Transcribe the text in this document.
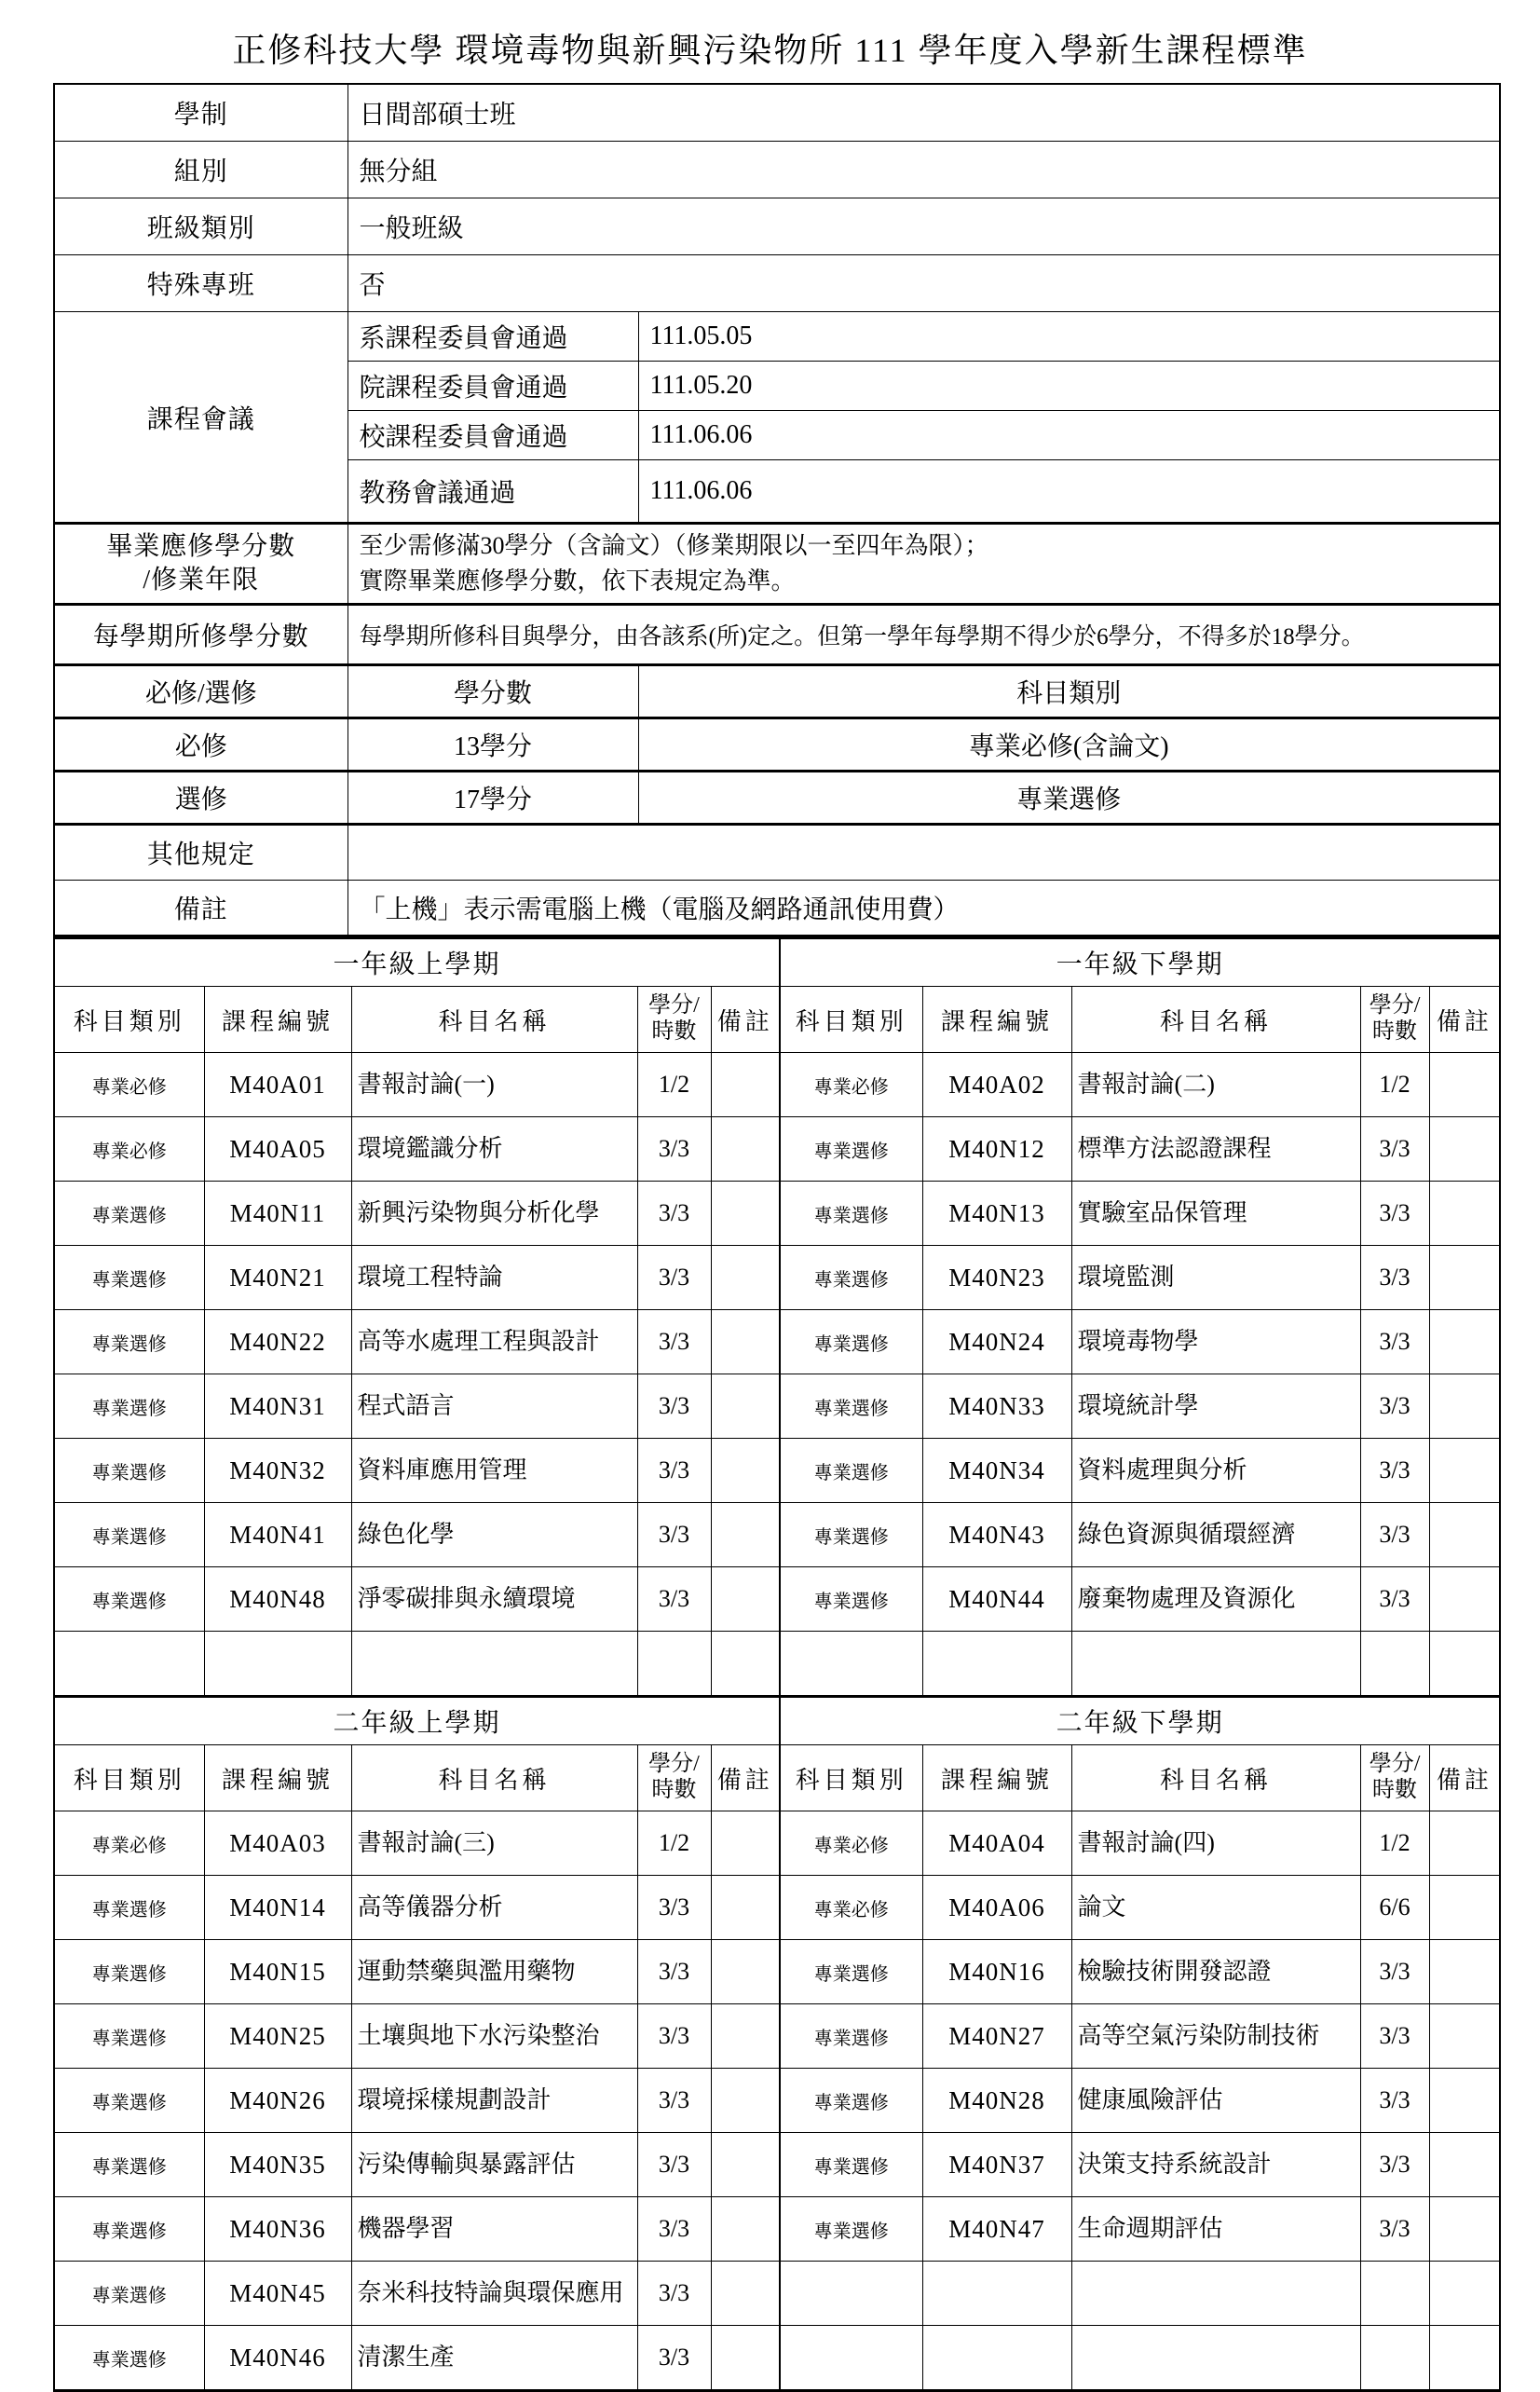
正修科技大學 環境毒物與新興污染物所 111 學年度入學新生課程標準
學制	日間部碩士班	
組別	無分組	
班級類別	一般班級	
特殊專班	否	
課程會議	系課程委員會通過	111.05.05
	院課程委員會通過	111.05.20
	校課程委員會通過	111.06.06
	教務會議通過	111.06.06

畢業應修學分數
/修業年限

至少需修滿30學分（含論文）（修業期限以一至四年為限）；
實際畢業應修學分數，依下表規定為準。

每學期所修學分數	每學期所修科目與學分，由各該系(所)定之。但第一學年每學期不得少於6學分，不得多於18學分。	
必修/選修	學分數	科目類別
必修	13學分	專業必修(含論文)
選修	17學分	專業選修
其他規定		
備註	「上機」表示需電腦上機（電腦及網路通訊使用費）	
一年級上學期					一年級下學期				
科目類別	課程編號	科目名稱	
學分/
時數	備註	科目類別	課程編號	科目名稱	
學分/
時數	備註
專業必修	M40A01	書報討論(一)	1/2		專業必修	M40A02	書報討論(二)	1/2	
專業必修	M40A05	環境鑑識分析	3/3		專業選修	M40N12	標準方法認證課程	3/3	
專業選修	M40N11	新興污染物與分析化學	3/3		專業選修	M40N13	實驗室品保管理	3/3	
專業選修	M40N21	環境工程特論	3/3		專業選修	M40N23	環境監測	3/3	
專業選修	M40N22	高等水處理工程與設計	3/3		專業選修	M40N24	環境毒物學	3/3	
專業選修	M40N31	程式語言	3/3		專業選修	M40N33	環境統計學	3/3	
專業選修	M40N32	資料庫應用管理	3/3		專業選修	M40N34	資料處理與分析	3/3	
專業選修	M40N41	綠色化學	3/3		專業選修	M40N43	綠色資源與循環經濟	3/3	
專業選修	M40N48	淨零碳排與永續環境	3/3		專業選修	M40N44	廢棄物處理及資源化	3/3	

二年級上學期					二年級下學期				
科目類別	課程編號	科目名稱	
學分/
時數	備註	科目類別	課程編號	科目名稱	
學分/
時數	備註
專業必修	M40A03	書報討論(三)	1/2		專業必修	M40A04	書報討論(四)	1/2	
專業選修	M40N14	高等儀器分析	3/3		專業必修	M40A06	論文	6/6	
專業選修	M40N15	運動禁藥與濫用藥物	3/3		專業選修	M40N16	檢驗技術開發認證	3/3	
專業選修	M40N25	土壤與地下水污染整治	3/3		專業選修	M40N27	高等空氣污染防制技術	3/3	
專業選修	M40N26	環境採樣規劃設計	3/3		專業選修	M40N28	健康風險評估	3/3	
專業選修	M40N35	污染傳輸與暴露評估	3/3		專業選修	M40N37	決策支持系統設計	3/3	
專業選修	M40N36	機器學習	3/3		專業選修	M40N47	生命週期評估	3/3	
專業選修	M40N45	奈米科技特論與環保應用	3/3						
專業選修	M40N46	清潔生產	3/3						
